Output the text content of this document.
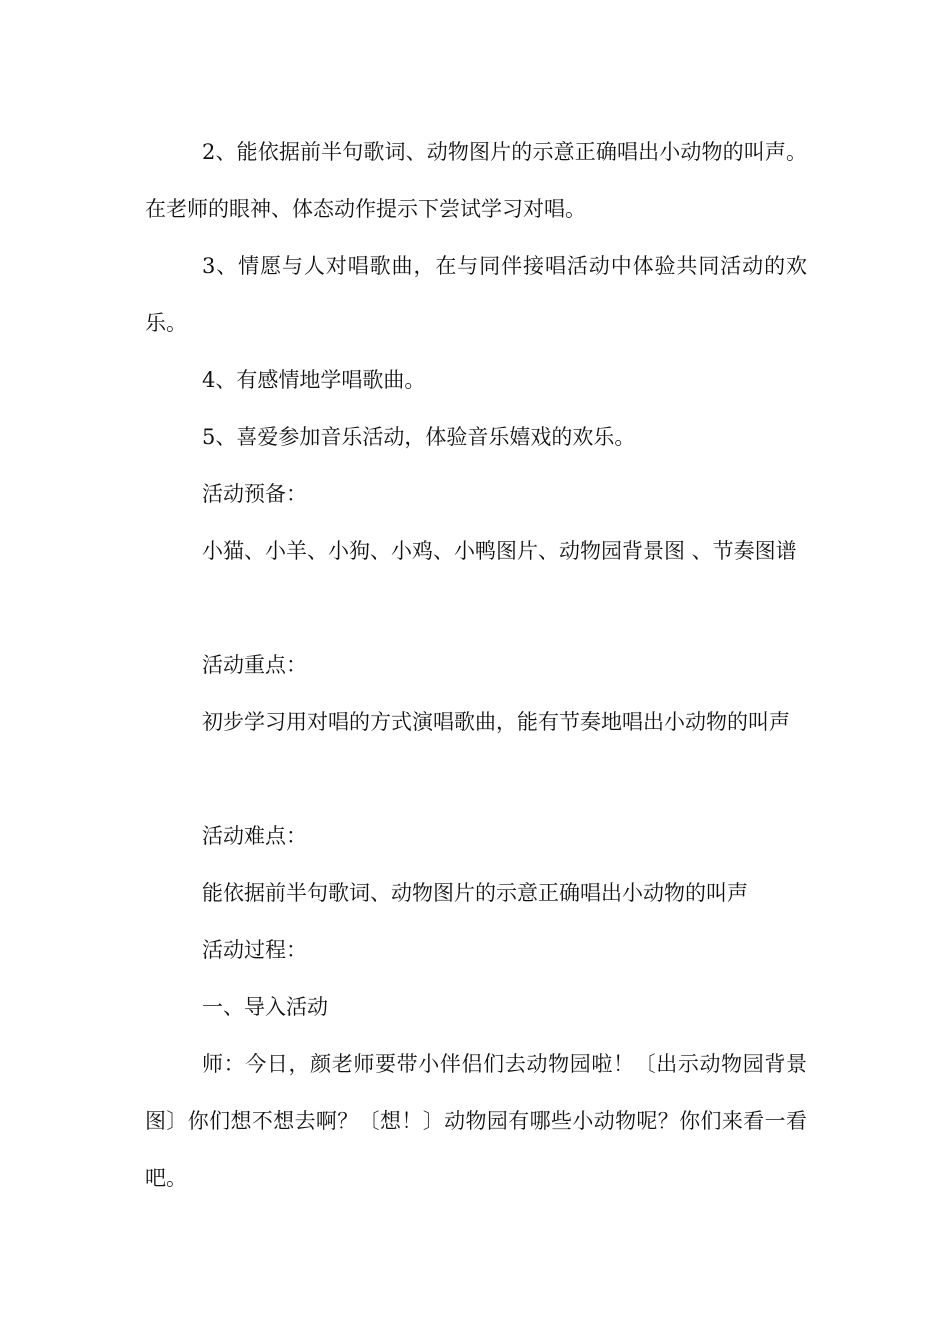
2、能依据前半句歌词、动物图片的示意正确唱出小动物的叫声。在老师的眼神、体态动作提示下尝试学习对唱。

3、情愿与人对唱歌曲，在与同伴接唱活动中体验共同活动的欢乐。

4、有感情地学唱歌曲。

5、喜爱参加音乐活动，体验音乐嬉戏的欢乐。

活动预备：

小猫、小羊、小狗、小鸡、小鸭图片、动物园背景图 、节奏图谱

活动重点：

初步学习用对唱的方式演唱歌曲，能有节奏地唱出小动物的叫声

活动难点：

能依据前半句歌词、动物图片的示意正确唱出小动物的叫声

活动过程：

一、导入活动

师：今日，颜老师要带小伴侣们去动物园啦！〔出示动物园背景图〕你们想不想去啊？〔想！〕动物园有哪些小动物呢？你们来看一看吧。
